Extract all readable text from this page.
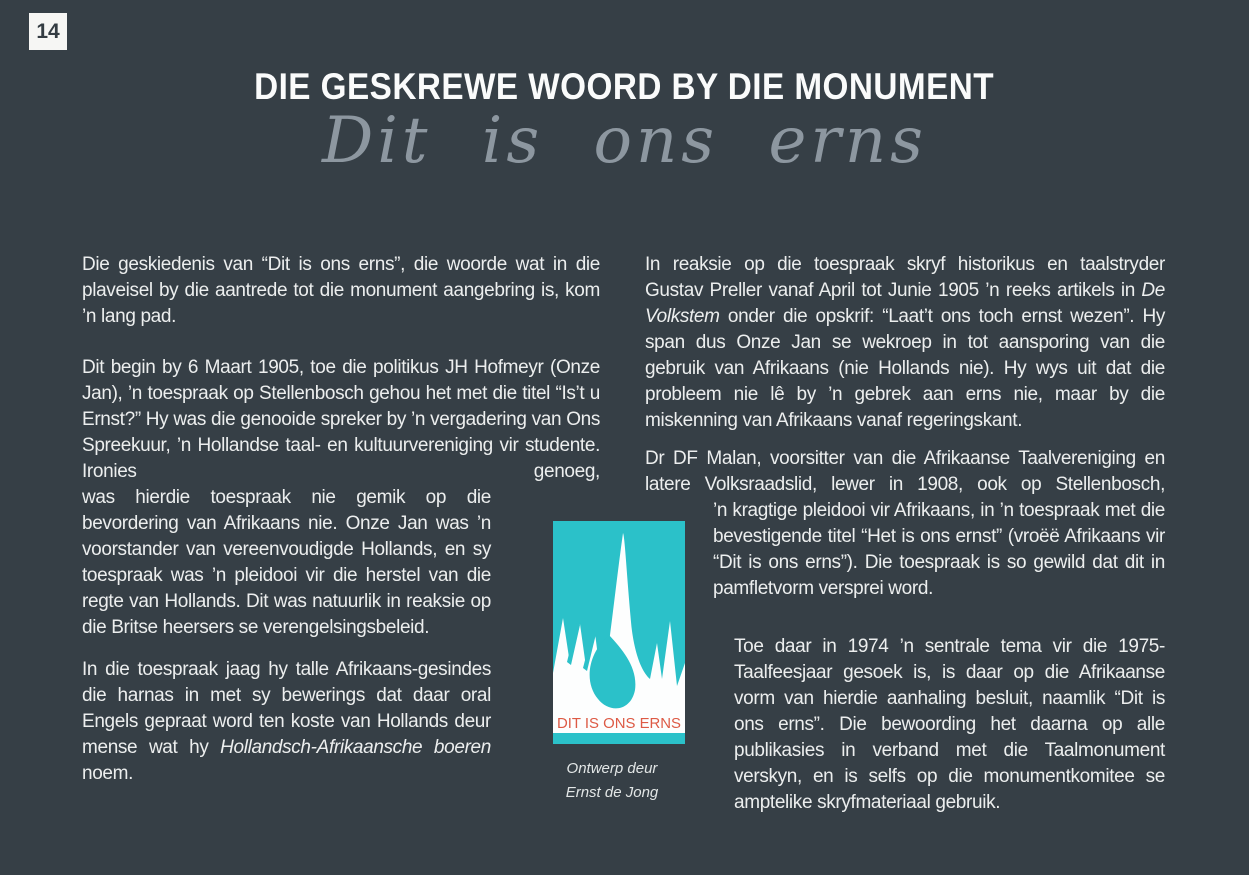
14
DIE GESKREWE WOORD BY DIE MONUMENT
Dit is ons erns

Die geskiedenis van “Dit is ons erns”, die woorde wat in die plaveisel by die aantrede tot die monument aangebring is, kom ’n lang pad.

Dit begin by 6 Maart 1905, toe die politikus JH Hofmeyr (Onze Jan), ’n toespraak op Stellenbosch gehou het met die titel “Is’t u Ernst?” Hy was die genooide spreker by ’n vergadering van Ons Spreekuur, ’n Hollandse taal- en kultuurvereniging vir studente. Ironies genoeg,

was hierdie toespraak nie gemik op die bevordering van Afrikaans nie. Onze Jan was ’n voorstander van vereenvoudigde Hollands, en sy toespraak was ’n pleidooi vir die herstel van die regte van Hollands. Dit was natuurlik in reaksie op die Britse heersers se verengelsingsbeleid.

In die toespraak jaag hy talle Afrikaans-gesindes die harnas in met sy bewerings dat daar oral Engels gepraat word ten koste van Hollands deur mense wat hy Hollandsch-Afrikaansche boeren noem.

In reaksie op die toespraak skryf historikus en taalstryder Gustav Preller vanaf April tot Junie 1905 ’n reeks artikels in De Volkstem onder die opskrif: “Laat’t ons toch ernst wezen”. Hy span dus Onze Jan se wekroep in tot aansporing van die gebruik van Afrikaans (nie Hollands nie). Hy wys uit dat die probleem nie lê by ’n gebrek aan erns nie, maar by die miskenning van Afrikaans vanaf regeringskant.

Dr DF Malan, voorsitter van die Afrikaanse Taalvereniging en latere Volksraadslid, lewer in 1908, ook op Stellenbosch,

’n kragtige pleidooi vir Afrikaans, in ’n toespraak met die bevestigende titel “Het is ons ernst” (vroëë Afrikaans vir “Dit is ons erns”). Die toespraak is so gewild dat dit in pamfletvorm versprei word.

Toe daar in 1974 ’n sentrale tema vir die 1975-Taalfeesjaar gesoek is, is daar op die Afrikaanse vorm van hierdie aanhaling besluit, naamlik “Dit is ons erns”. Die bewoording het daarna op alle publikasies in verband met die Taalmonument verskyn, en is selfs op die monumentkomitee se amptelike skryfmateriaal gebruik.

DIT IS ONS ERNS
Ontwerp deur
Ernst de Jong
